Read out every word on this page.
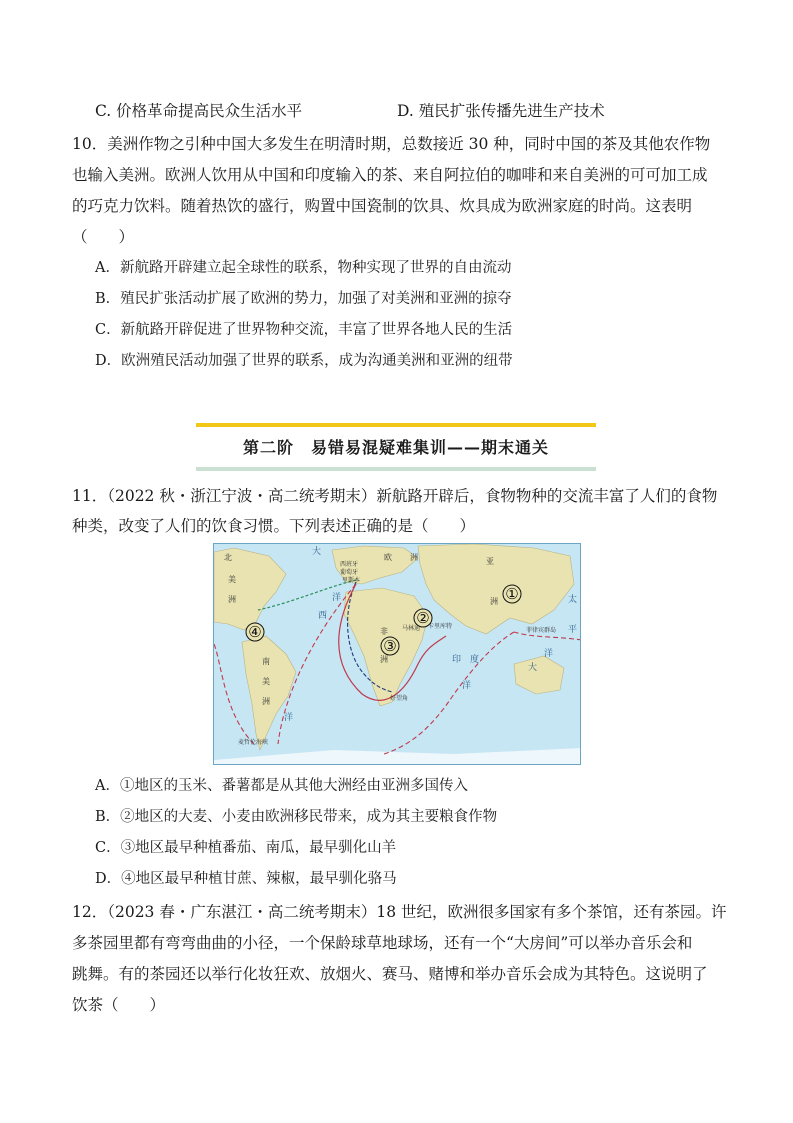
C. 价格革命提高民众生活水平	D. 殖民扩张传播先进生产技术
10．美洲作物之引种中国大多发生在明清时期，总数接近 30 种，同时中国的茶及其他农作物
也输入美洲。欧洲人饮用从中国和印度输入的茶、来自阿拉伯的咖啡和来自美洲的可可加工成
的巧克力饮料。随着热饮的盛行，购置中国瓷制的饮具、炊具成为欧洲家庭的时尚。这表明
（　　）
A．新航路开辟建立起全球性的联系，物种实现了世界的自由流动
B．殖民扩张活动扩展了欧洲的势力，加强了对美洲和亚洲的掠夺
C．新航路开辟促进了世界物种交流，丰富了世界各地人民的生活
D．欧洲殖民活动加强了世界的联系，成为沟通美洲和亚洲的纽带
第二阶　易错易混疑难集训——期末通关
11．（2022 秋・浙江宁波・高二统考期末）新航路开辟后，食物物种的交流丰富了人们的食物
种类，改变了人们的饮食习惯。下列表述正确的是（　　）
①
②
③
④
北
美
洲
欧 洲	亚
洲
非
洲
南
美
洲
大
洋
西
太
平
洋
印 度
洋
大
洋
西班牙
葡萄牙
里斯本
马林迪 卡里库特
菲律宾群岛
好望角
麦哲伦海峡
A．①地区的玉米、番薯都是从其他大洲经由亚洲多国传入
B．②地区的大麦、小麦由欧洲移民带来，成为其主要粮食作物
C．③地区最早种植番茄、南瓜，最早驯化山羊
D．④地区最早种植甘蔗、辣椒，最早驯化骆马
12．（2023 春・广东湛江・高二统考期末）18 世纪，欧洲很多国家有多个茶馆，还有茶园。许
多茶园里都有弯弯曲曲的小径，一个保龄球草地球场，还有一个“大房间”可以举办音乐会和
跳舞。有的茶园还以举行化妆狂欢、放烟火、赛马、赌博和举办音乐会成为其特色。这说明了
饮茶（　　）
